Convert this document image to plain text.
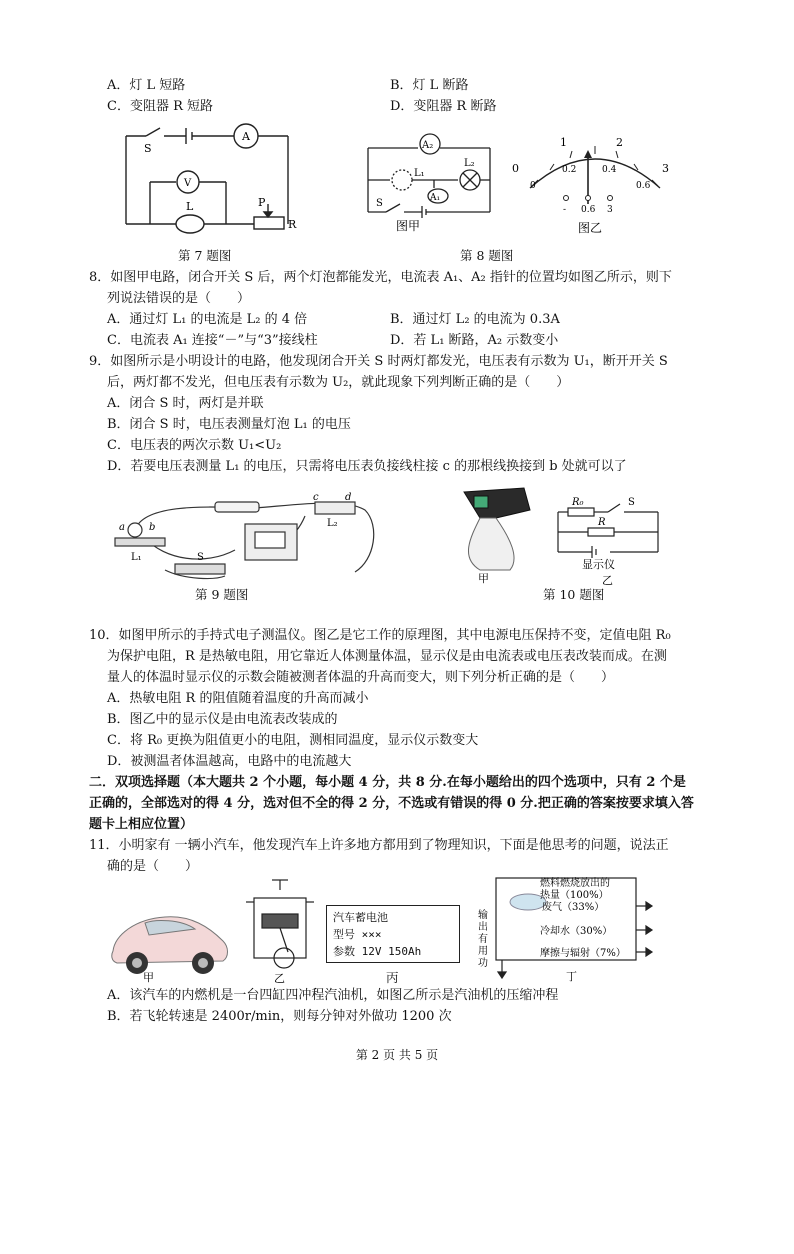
A．灯 L 短路	B．灯 L 断路
C．变阻器 R 短路	D．变阻器 R 断路
S
A
V
L	P
R
第 7 题图
A₂
L₁
L₂
A₁
S
图甲
1	2
3
0
0
0.2	0.4
0.6
- 0.6 3
图乙
第 8 题图
8．如图甲电路，闭合开关 S 后，两个灯泡都能发光，电流表 A₁、A₂ 指针的位置均如图乙所示，则下
列说法错误的是（　　）
A．通过灯 L₁ 的电流是 L₂ 的 4 倍	B．通过灯 L₂ 的电流为 0.3A
C．电流表 A₁ 连接“－”与“3”接线柱	D．若 L₁ 断路，A₂ 示数变小
9．如图所示是小明设计的电路，他发现闭合开关 S 时两灯都发光，电压表有示数为 U₁，断开开关 S
后，两灯都不发光，但电压表有示数为 U₂，就此现象下列判断正确的是（　　）
A．闭合 S 时，两灯是并联
B．闭合 S 时，电压表测量灯泡 L₁ 的电压
C．电压表的两次示数 U₁<U₂
D．若要电压表测量 L₁ 的电压，只需将电压表负接线柱接 c 的那根线换接到 b 处就可以了
a b
c	d
L₁
L₂
S
第 9 题图
甲
R₀	S
R
显示仪
乙
第 10 题图
10．如图甲所示的手持式电子测温仪。图乙是它工作的原理图，其中电源电压保持不变，定值电阻 R₀
为保护电阻，R 是热敏电阻，用它靠近人体测量体温，显示仪是由电流表或电压表改装而成。在测
量人的体温时显示仪的示数会随被测者体温的升高而变大，则下列分析正确的是（　　）
A．热敏电阻 R 的阻值随着温度的升高而减小
B．图乙中的显示仪是由电流表改装成的
C．将 R₀ 更换为阻值更小的电阻，测相同温度，显示仪示数变大
D．被测温者体温越高，电路中的电流越大
二．双项选择题（本大题共 2 个小题，每小题 4 分，共 8 分.在每小题给出的四个选项中，只有 2 个是
正确的，全部选对的得 4 分，选对但不全的得 2 分，不选或有错误的得 0 分.把正确的答案按要求填入答
题卡上相应位置）
11．小明家有 一辆小汽车，他发现汽车上许多地方都用到了物理知识，下面是他思考的问题，说法正
确的是（　　）
甲	乙
汽车蓄电池
型号 ×××
参数 12V 150Ah
丙
燃料燃烧放出的
热量（100%）
废气（33%）
冷却水（30%）
摩擦与辐射（7%）
输
出
有
用
功
丁
A．该汽车的内燃机是一台四缸四冲程汽油机，如图乙所示是汽油机的压缩冲程
B．若飞轮转速是 2400r/min，则每分钟对外做功 1200 次
第 2 页 共 5 页
